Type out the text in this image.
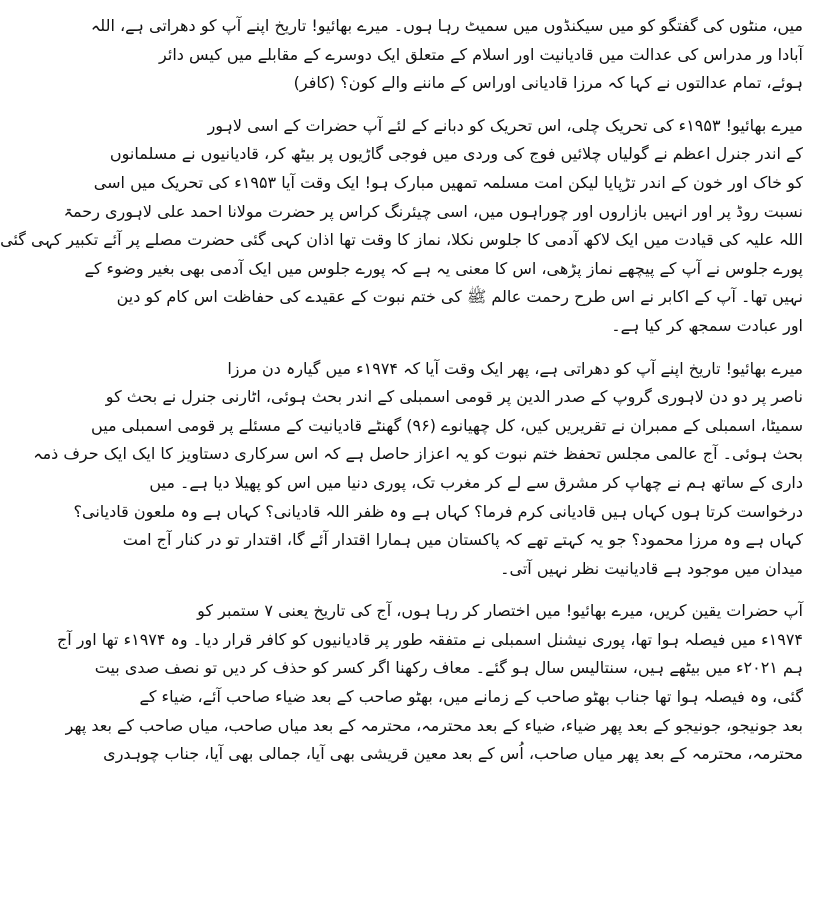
میں، منٹوں کی گفتگو کو میں سیکنڈوں میں سمیٹ رہا ہوں۔ میرے بھائیو! تاریخ اپنے آپ کو دھراتی ہے، اللہ
آبادا ور مدراس کی عدالت میں قادیانیت اور اسلام کے متعلق ایک دوسرے کے مقابلے میں کیس دائر
ہوئے، تمام عدالتوں نے کہا کہ مرزا قادیانی اوراس کے ماننے والے کون؟ (کافر)

میرے بھائیو! ۱۹۵۳ء کی تحریک چلی، اس تحریک کو دبانے کے لئے آپ حضرات کے اسی لاہور
کے اندر جنرل اعظم نے گولیاں چلائیں فوج کی وردی میں فوجی گاڑیوں پر بیٹھ کر، قادیانیوں نے مسلمانوں
کو خاک اور خون کے اندر تڑپایا لیکن امت مسلمہ تمھیں مبارک ہو! ایک وقت آیا ۱۹۵۳ء کی تحریک میں اسی
نسبت روڈ پر اور انہیں بازاروں اور چوراہوں میں، اسی چیئرنگ کراس پر حضرت مولانا احمد علی لاہوری رحمۃ
اللہ علیہ کی قیادت میں ایک لاکھ آدمی کا جلوس نکلا، نماز کا وقت تھا اذان کہی گئی حضرت مصلے پر آئے تکبیر کہی گئی
پورے جلوس نے آپ کے پیچھے نماز پڑھی، اس کا معنی یہ ہے کہ پورے جلوس میں ایک آدمی بھی بغیر وضوء کے
نہیں تھا۔ آپ کے اکابر نے اس طرح رحمت عالم ﷺ کی ختم نبوت کے عقیدے کی حفاظت اس کام کو دین
اور عبادت سمجھ کر کیا ہے۔

میرے بھائیو! تاریخ اپنے آپ کو دھراتی ہے، پھر ایک وقت آیا کہ ۱۹۷۴ء میں گیارہ دن مرزا
ناصر پر دو دن لاہوری گروپ کے صدر الدین پر قومی اسمبلی کے اندر بحث ہوئی، اٹارنی جنرل نے بحث کو
سمیٹا، اسمبلی کے ممبران نے تقریریں کیں، کل چھیانوے (۹۶) گھنٹے قادیانیت کے مسئلے پر قومی اسمبلی میں
بحث ہوئی۔ آج عالمی مجلس تحفظ ختم نبوت کو یہ اعزاز حاصل ہے کہ اس سرکاری دستاویز کا ایک ایک حرف ذمہ
داری کے ساتھ ہم نے چھاپ کر مشرق سے لے کر مغرب تک، پوری دنیا میں اس کو پھیلا دیا ہے۔ میں
درخواست کرتا ہوں کہاں ہیں قادیانی کرم فرما؟ کہاں ہے وہ ظفر اللہ قادیانی؟ کہاں ہے وہ ملعون قادیانی؟
کہاں ہے وہ مرزا محمود؟ جو یہ کہتے تھے کہ پاکستان میں ہمارا اقتدار آئے گا، اقتدار تو در کنار آج امت
میدان میں موجود ہے قادیانیت نظر نہیں آتی۔

آپ حضرات یقین کریں، میرے بھائیو! میں اختصار کر رہا ہوں، آج کی تاریخ یعنی ۷ ستمبر کو
۱۹۷۴ء میں فیصلہ ہوا تھا، پوری نیشنل اسمبلی نے متفقہ طور پر قادیانیوں کو کافر قرار دیا۔ وہ ۱۹۷۴ء تھا اور آج
ہم ۲۰۲۱ء میں بیٹھے ہیں، سنتالیس سال ہو گئے۔ معاف رکھنا اگر کسر کو حذف کر دیں تو نصف صدی بیت
گئی، وہ فیصلہ ہوا تھا جناب بھٹو صاحب کے زمانے میں، بھٹو صاحب کے بعد ضیاء صاحب آئے، ضیاء کے
بعد جونیجو، جونیجو کے بعد پھر ضیاء، ضیاء کے بعد محترمہ، محترمہ کے بعد میاں صاحب، میاں صاحب کے بعد پھر
محترمہ، محترمہ کے بعد پھر میاں صاحب، اُس کے بعد معین قریشی بھی آیا، جمالی بھی آیا، جناب چوہدری
